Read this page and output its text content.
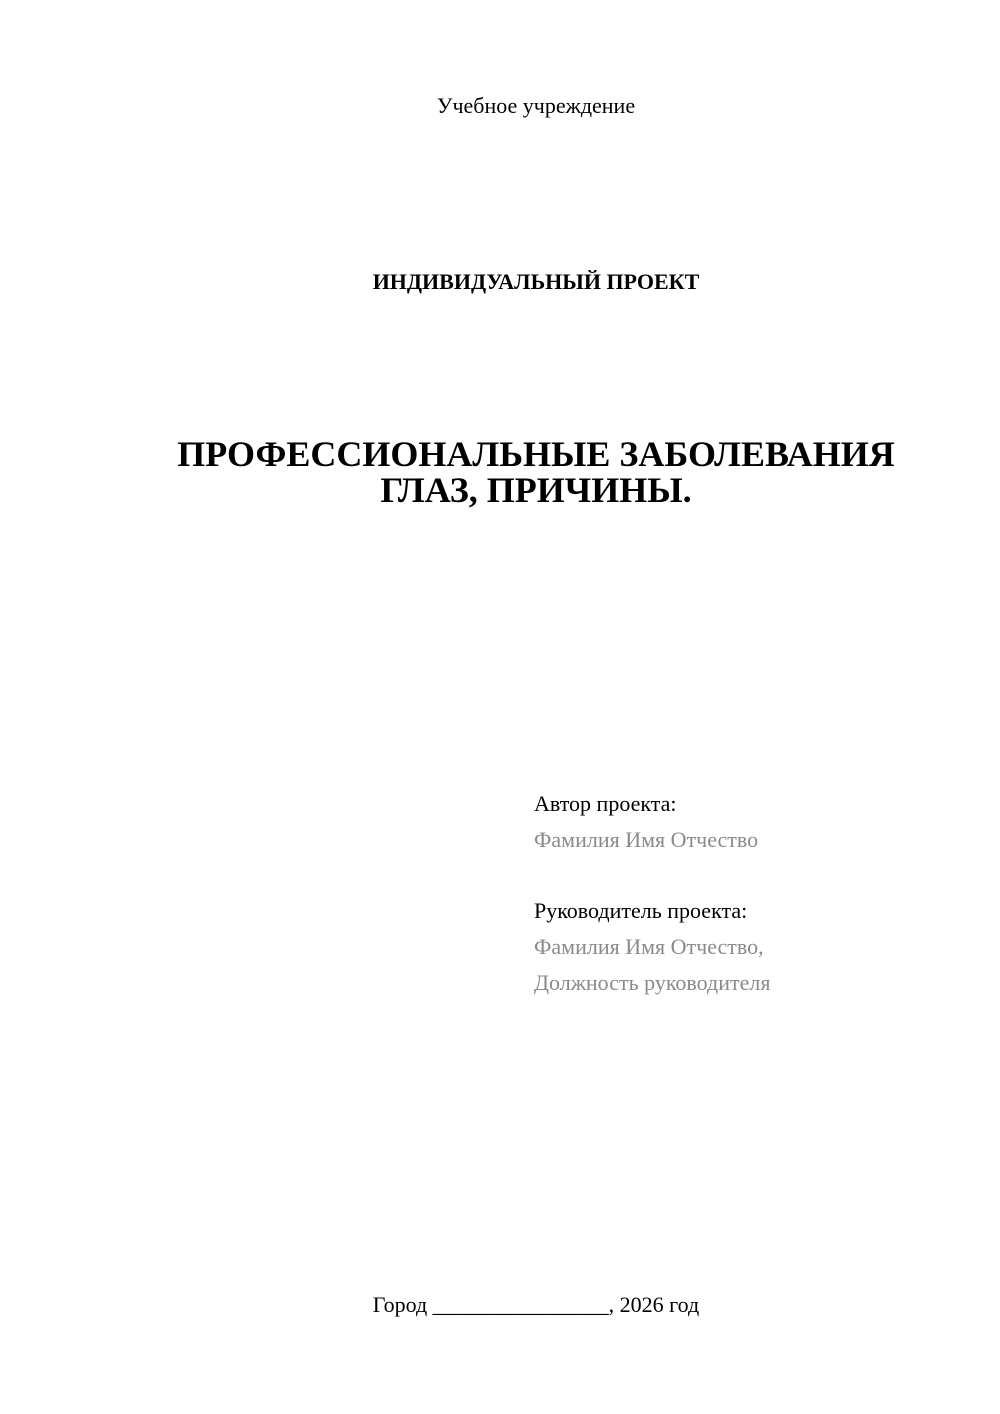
Учебное учреждение
ИНДИВИДУАЛЬНЫЙ ПРОЕКТ
ПРОФЕССИОНАЛЬНЫЕ ЗАБОЛЕВАНИЯ
ГЛАЗ, ПРИЧИНЫ.
Автор проекта:
Фамилия Имя Отчество
Руководитель проекта:
Фамилия Имя Отчество,
Должность руководителя
Город ________________, 2026 год
